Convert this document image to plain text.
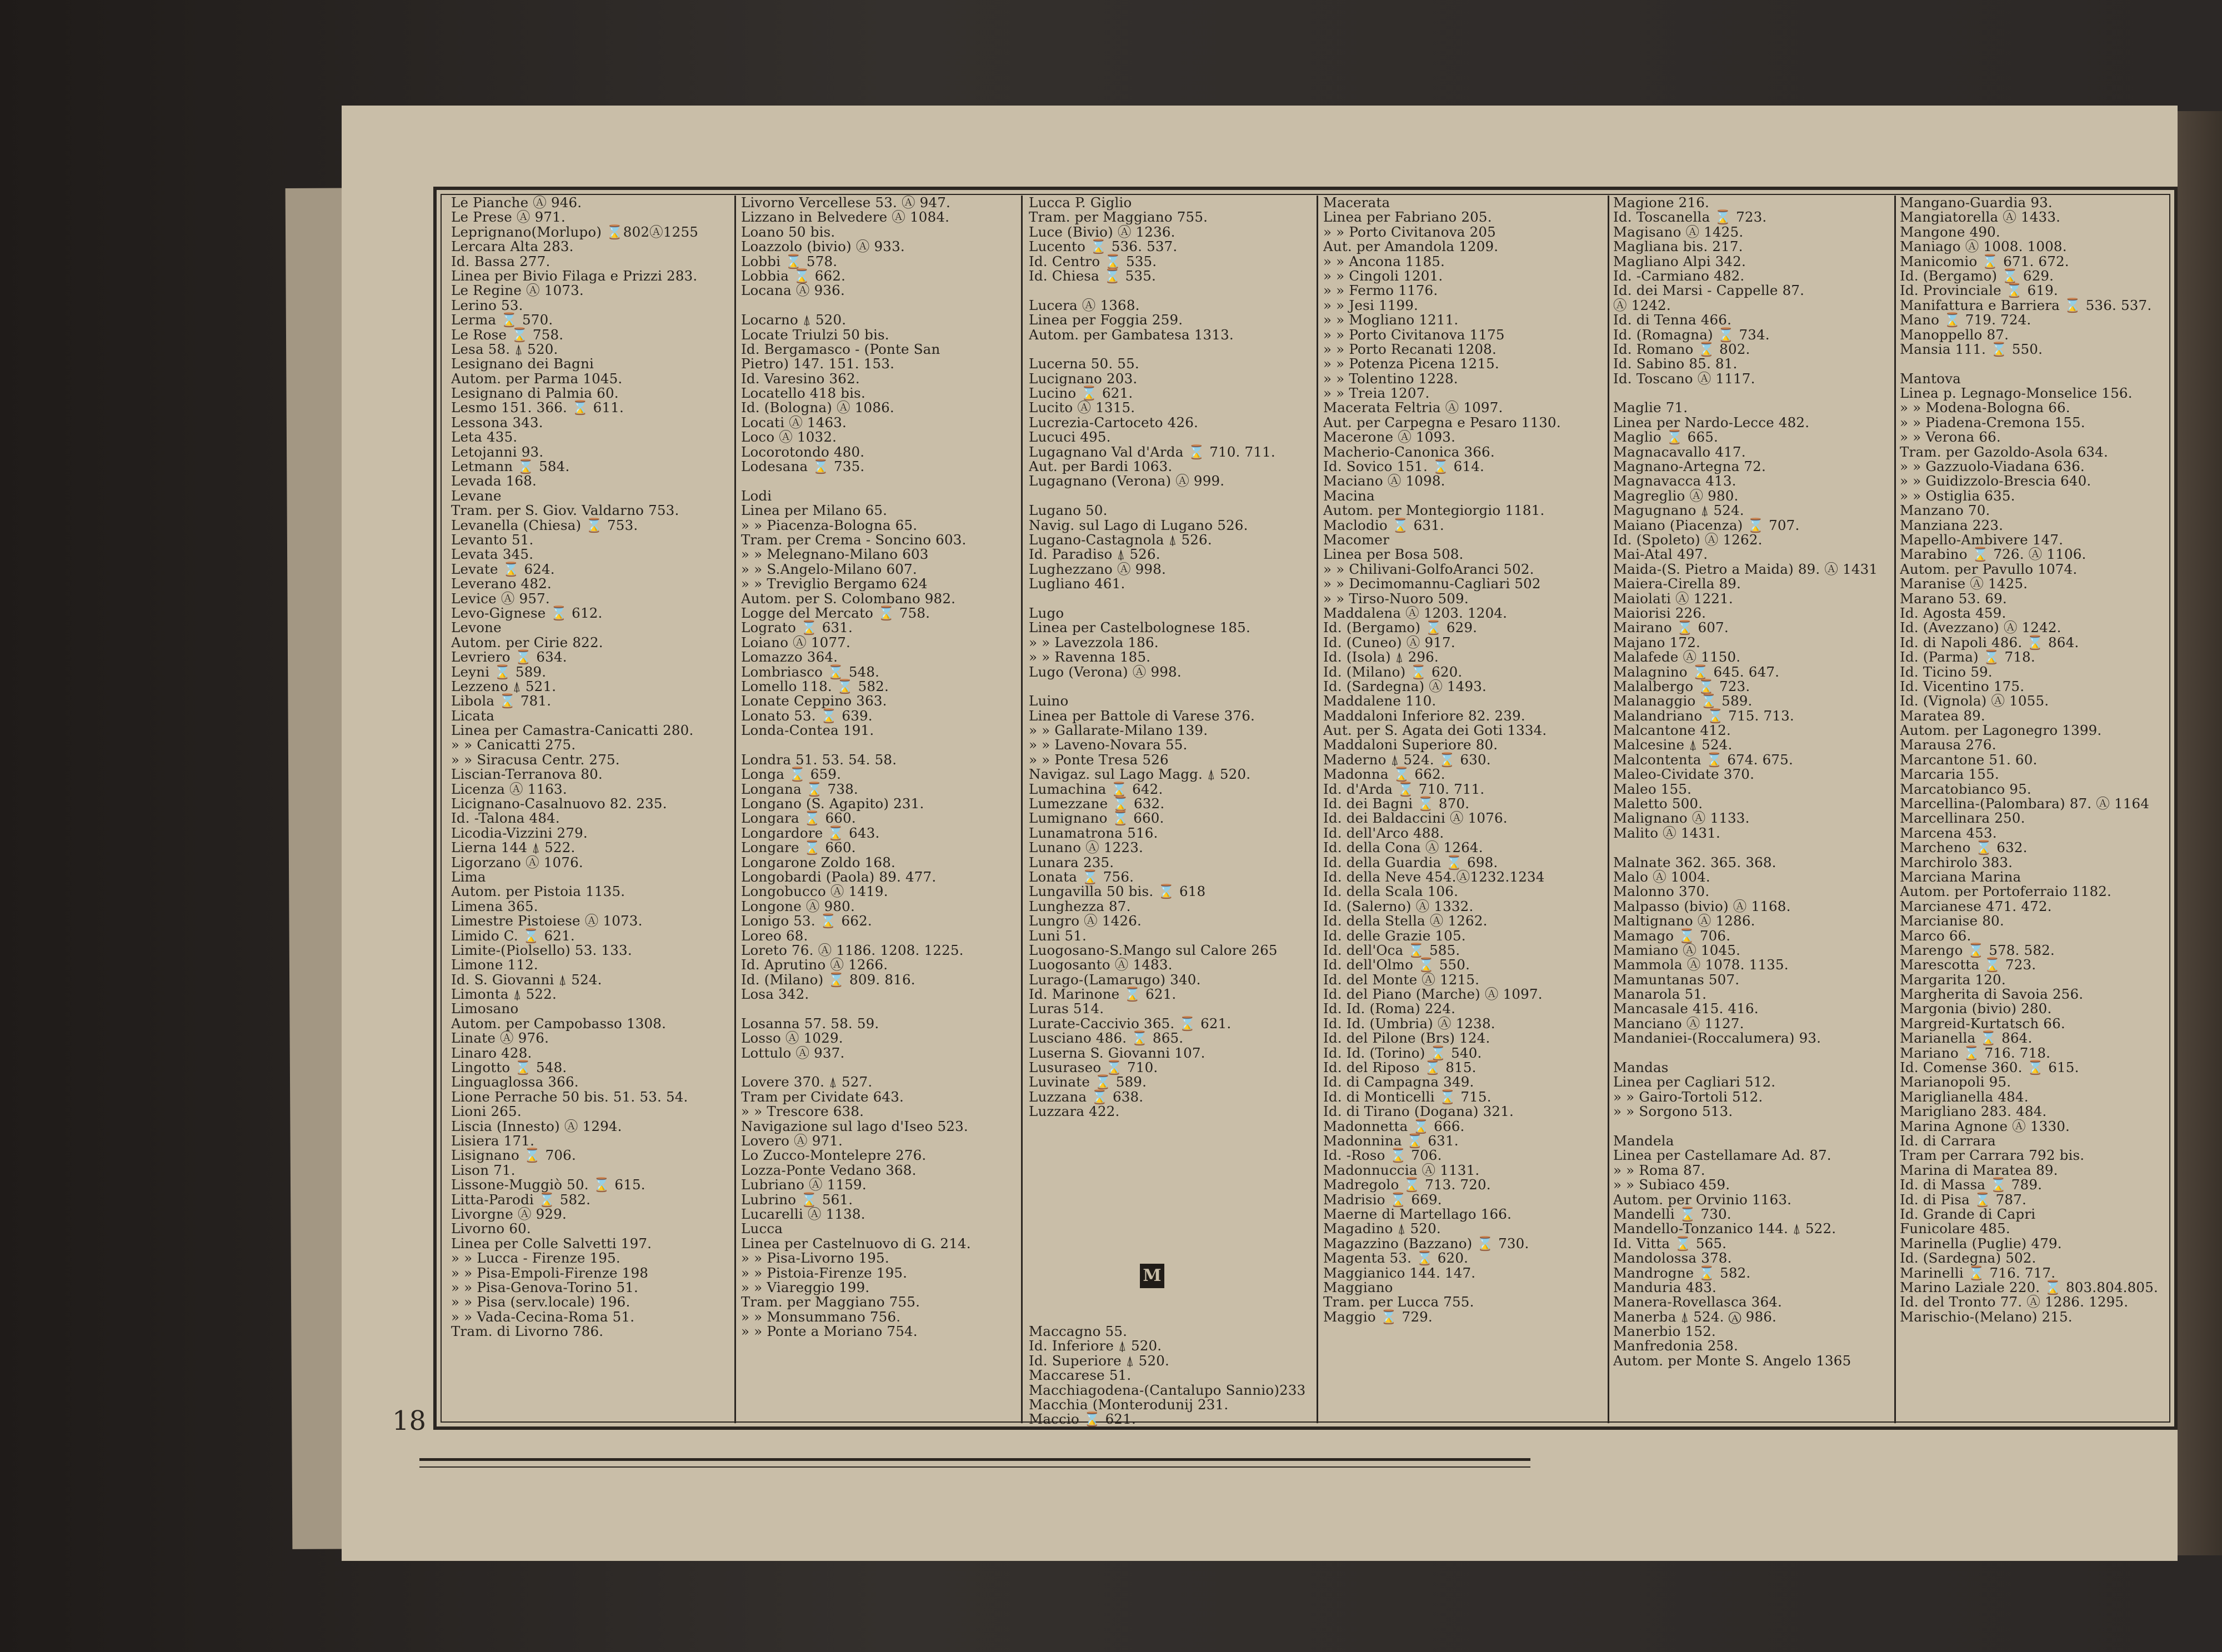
Le Pianche Ⓐ 946.
Le Prese Ⓐ 971.
Leprignano(Morlupo) ⌛802Ⓐ1255
Lercara Alta 283.
Id. Bassa 277.
Linea per Bivio Filaga e Prizzi 283.
Le Regine Ⓐ 1073.
Lerino 53.
Lerma ⌛ 570.
Le Rose ⌛ 758.
Lesa 58. ⍋ 520.
Lesignano dei Bagni
Autom. per Parma 1045.
Lesignano di Palmia 60.
Lesmo 151. 366. ⌛ 611.
Lessona 343.
Leta 435.
Letojanni 93.
Letmann ⌛ 584.
Levada 168.
Levane
Tram. per S. Giov. Valdarno 753.
Levanella (Chiesa) ⌛ 753.
Levanto 51.
Levata 345.
Levate ⌛ 624.
Leverano 482.
Levice Ⓐ 957.
Levo-Gignese ⌛ 612.
Levone
Autom. per Cirie 822.
Levriero ⌛ 634.
Leyni ⌛ 589.
Lezzeno ⍋ 521.
Libola ⌛ 781.
Licata
Linea per Camastra-Canicatti 280.
» » Canicatti 275.
» » Siracusa Centr. 275.
Liscian-Terranova 80.
Licenza Ⓐ 1163.
Licignano-Casalnuovo 82. 235.
Id. -Talona 484.
Licodia-Vizzini 279.
Lierna 144 ⍋ 522.
Ligorzano Ⓐ 1076.
Lima
Autom. per Pistoia 1135.
Limena 365.
Limestre Pistoiese Ⓐ 1073.
Limido C. ⌛ 621.
Limite-(Piolsello) 53. 133.
Limone 112.
Id. S. Giovanni ⍋ 524.
Limonta ⍋ 522.
Limosano
Autom. per Campobasso 1308.
Linate Ⓐ 976.
Linaro 428.
Lingotto ⌛ 548.
Linguaglossa 366.
Lione Perrache 50 bis. 51. 53. 54.
Lioni 265.
Liscia (Innesto) Ⓐ 1294.
Lisiera 171.
Lisignano ⌛ 706.
Lison 71.
Lissone-Muggiò 50. ⌛ 615.
Litta-Parodi ⌛ 582.
Livorgne Ⓐ 929.
Livorno 60.
Linea per Colle Salvetti 197.
» » Lucca - Firenze 195.
» » Pisa-Empoli-Firenze 198
» » Pisa-Genova-Torino 51.
» » Pisa (serv.locale) 196.
» » Vada-Cecina-Roma 51.
Tram. di Livorno 786.
Livorno Vercellese 53. Ⓐ 947.
Lizzano in Belvedere Ⓐ 1084.
Loano 50 bis.
Loazzolo (bivio) Ⓐ 933.
Lobbi ⌛ 578.
Lobbia ⌛ 662.
Locana Ⓐ 936.
Locarno ⍋ 520.
Locate Triulzi 50 bis.
Id. Bergamasco - (Ponte San
Pietro) 147. 151. 153.
Id. Varesino 362.
Locatello 418 bis.
Id. (Bologna) Ⓐ 1086.
Locati Ⓐ 1463.
Loco Ⓐ 1032.
Locorotondo 480.
Lodesana ⌛ 735.
Lodi
Linea per Milano 65.
» » Piacenza-Bologna 65.
Tram. per Crema - Soncino 603.
» » Melegnano-Milano 603
» » S.Angelo-Milano 607.
» » Treviglio Bergamo 624
Autom. per S. Colombano 982.
Logge del Mercato ⌛ 758.
Lograto ⌛ 631.
Loiano Ⓐ 1077.
Lomazzo 364.
Lombriasco ⌛ 548.
Lomello 118. ⌛ 582.
Lonate Ceppino 363.
Lonato 53. ⌛ 639.
Londa-Contea 191.
Londra 51. 53. 54. 58.
Longa ⌛ 659.
Longana ⌛ 738.
Longano (S. Agapito) 231.
Longara ⌛ 660.
Longardore ⌛ 643.
Longare ⌛ 660.
Longarone Zoldo 168.
Longobardi (Paola) 89. 477.
Longobucco Ⓐ 1419.
Longone Ⓐ 980.
Lonigo 53. ⌛ 662.
Loreo 68.
Loreto 76. Ⓐ 1186. 1208. 1225.
Id. Aprutino Ⓐ 1266.
Id. (Milano) ⌛ 809. 816.
Losa 342.
Losanna 57. 58. 59.
Losso Ⓐ 1029.
Lottulo Ⓐ 937.
Lovere 370. ⍋ 527.
Tram per Cividate 643.
» » Trescore 638.
Navigazione sul lago d'Iseo 523.
Lovero Ⓐ 971.
Lo Zucco-Montelepre 276.
Lozza-Ponte Vedano 368.
Lubriano Ⓐ 1159.
Lubrino ⌛ 561.
Lucarelli Ⓐ 1138.
Lucca
Linea per Castelnuovo di G. 214.
» » Pisa-Livorno 195.
» » Pistoia-Firenze 195.
» » Viareggio 199.
Tram. per Maggiano 755.
» » Monsummano 756.
» » Ponte a Moriano 754.
Lucca P. Giglio
Tram. per Maggiano 755.
Luce (Bivio) Ⓐ 1236.
Lucento ⌛ 536. 537.
Id. Centro ⌛ 535.
Id. Chiesa ⌛ 535.
Lucera Ⓐ 1368.
Linea per Foggia 259.
Autom. per Gambatesa 1313.
Lucerna 50. 55.
Lucignano 203.
Lucino ⌛ 621.
Lucito Ⓐ 1315.
Lucrezia-Cartoceto 426.
Lucuci 495.
Lugagnano Val d'Arda ⌛ 710. 711.
Aut. per Bardi 1063.
Lugagnano (Verona) Ⓐ 999.
Lugano 50.
Navig. sul Lago di Lugano 526.
Lugano-Castagnola ⍋ 526.
Id. Paradiso ⍋ 526.
Lughezzano Ⓐ 998.
Lugliano 461.
Lugo
Linea per Castelbolognese 185.
» » Lavezzola 186.
» » Ravenna 185.
Lugo (Verona) Ⓐ 998.
Luino
Linea per Battole di Varese 376.
» » Gallarate-Milano 139.
» » Laveno-Novara 55.
» » Ponte Tresa 526
Navigaz. sul Lago Magg. ⍋ 520.
Lumachina ⌛ 642.
Lumezzane ⌛ 632.
Lumignano ⌛ 660.
Lunamatrona 516.
Lunano Ⓐ 1223.
Lunara 235.
Lonata ⌛ 756.
Lungavilla 50 bis. ⌛ 618
Lunghezza 87.
Lungro Ⓐ 1426.
Luni 51.
Luogosano-S.Mango sul Calore 265
Luogosanto Ⓐ 1483.
Lurago-(Lamarugo) 340.
Id. Marinone ⌛ 621.
Luras 514.
Lurate-Caccivio 365. ⌛ 621.
Lusciano 486. ⌛ 865.
Luserna S. Giovanni 107.
Lusuraseo ⌛ 710.
Luvinate ⌛ 589.
Luzzana ⌛ 638.
Luzzara 422.
Maccagno 55.
Id. Inferiore ⍋ 520.
Id. Superiore ⍋ 520.
Maccarese 51.
Macchiagodena-(Cantalupo Sannio)233
Macchia (Monterodunij 231.
Maccio ⌛ 621.
Macerata
Linea per Fabriano 205.
» » Porto Civitanova 205
Aut. per Amandola 1209.
» » Ancona 1185.
» » Cingoli 1201.
» » Fermo 1176.
» » Jesi 1199.
» » Mogliano 1211.
» » Porto Civitanova 1175
» » Porto Recanati 1208.
» » Potenza Picena 1215.
» » Tolentino 1228.
» » Treia 1207.
Macerata Feltria Ⓐ 1097.
Aut. per Carpegna e Pesaro 1130.
Macerone Ⓐ 1093.
Macherio-Canonica 366.
Id. Sovico 151. ⌛ 614.
Maciano Ⓐ 1098.
Macina
Autom. per Montegiorgio 1181.
Maclodio ⌛ 631.
Macomer
Linea per Bosa 508.
» » Chilivani-GolfoAranci 502.
» » Decimomannu-Cagliari 502
» » Tirso-Nuoro 509.
Maddalena Ⓐ 1203. 1204.
Id. (Bergamo) ⌛ 629.
Id. (Cuneo) Ⓐ 917.
Id. (Isola) ⍋ 296.
Id. (Milano) ⌛ 620.
Id. (Sardegna) Ⓐ 1493.
Maddalene 110.
Maddaloni Inferiore 82. 239.
Aut. per S. Agata dei Goti 1334.
Maddaloni Superiore 80.
Maderno ⍋ 524. ⌛ 630.
Madonna ⌛ 662.
Id. d'Arda ⌛ 710. 711.
Id. dei Bagni ⌛ 870.
Id. dei Baldaccini Ⓐ 1076.
Id. dell'Arco 488.
Id. della Cona Ⓐ 1264.
Id. della Guardia ⌛ 698.
Id. della Neve 454.Ⓐ1232.1234
Id. della Scala 106.
Id. (Salerno) Ⓐ 1332.
Id. della Stella Ⓐ 1262.
Id. delle Grazie 105.
Id. dell'Oca ⌛ 585.
Id. dell'Olmo ⌛ 550.
Id. del Monte Ⓐ 1215.
Id. del Piano (Marche) Ⓐ 1097.
Id. Id. (Roma) 224.
Id. Id. (Umbria) Ⓐ 1238.
Id. del Pilone (Brs) 124.
Id. Id. (Torino) ⌛ 540.
Id. del Riposo ⌛ 815.
Id. di Campagna 349.
Id. di Monticelli ⌛ 715.
Id. di Tirano (Dogana) 321.
Madonnetta ⌛ 666.
Madonnina ⌛ 631.
Id. -Roso ⌛ 706.
Madonnuccia Ⓐ 1131.
Madregolo ⌛ 713. 720.
Madrisio ⌛ 669.
Maerne di Martellago 166.
Magadino ⍋ 520.
Magazzino (Bazzano) ⌛ 730.
Magenta 53. ⌛ 620.
Maggianico 144. 147.
Maggiano
Tram. per Lucca 755.
Maggio ⌛ 729.
Magione 216.
Id. Toscanella ⌛ 723.
Magisano Ⓐ 1425.
Magliana bis. 217.
Magliano Alpi 342.
Id. -Carmiano 482.
Id. dei Marsi - Cappelle 87.
Ⓐ 1242.
Id. di Tenna 466.
Id. (Romagna) ⌛ 734.
Id. Romano ⌛ 802.
Id. Sabino 85. 81.
Id. Toscano Ⓐ 1117.
Maglie 71.
Linea per Nardo-Lecce 482.
Maglio ⌛ 665.
Magnacavallo 417.
Magnano-Artegna 72.
Magnavacca 413.
Magreglio Ⓐ 980.
Magugnano ⍋ 524.
Maiano (Piacenza) ⌛ 707.
Id. (Spoleto) Ⓐ 1262.
Mai-Atal 497.
Maida-(S. Pietro a Maida) 89. Ⓐ 1431
Maiera-Cirella 89.
Maiolati Ⓐ 1221.
Maiorisi 226.
Mairano ⌛ 607.
Majano 172.
Malafede Ⓐ 1150.
Malagnino ⌛ 645. 647.
Malalbergo ⌛ 723.
Malanaggio ⌛ 589.
Malandriano ⌛ 715. 713.
Malcantone 412.
Malcesine ⍋ 524.
Malcontenta ⌛ 674. 675.
Maleo-Cividate 370.
Maleo 155.
Maletto 500.
Malignano Ⓐ 1133.
Malito Ⓐ 1431.
Malnate 362. 365. 368.
Malo Ⓐ 1004.
Malonno 370.
Malpasso (bivio) Ⓐ 1168.
Maltignano Ⓐ 1286.
Mamago ⌛ 706.
Mamiano Ⓐ 1045.
Mammola Ⓐ 1078. 1135.
Mamuntanas 507.
Manarola 51.
Mancasale 415. 416.
Manciano Ⓐ 1127.
Mandaniei-(Roccalumera) 93.
Mandas
Linea per Cagliari 512.
» » Gairo-Tortoli 512.
» » Sorgono 513.
Mandela
Linea per Castellamare Ad. 87.
» » Roma 87.
» » Subiaco 459.
Autom. per Orvinio 1163.
Mandelli ⌛ 730.
Mandello-Tonzanico 144. ⍋ 522.
Id. Vitta ⌛ 565.
Mandolossa 378.
Mandrogne ⌛ 582.
Manduria 483.
Manera-Rovellasca 364.
Manerba ⍋ 524. Ⓐ 986.
Manerbio 152.
Manfredonia 258.
Autom. per Monte S. Angelo 1365
Mangano-Guardia 93.
Mangiatorella Ⓐ 1433.
Mangone 490.
Maniago Ⓐ 1008. 1008.
Manicomio ⌛ 671. 672.
Id. (Bergamo) ⌛ 629.
Id. Provinciale ⌛ 619.
Manifattura e Barriera ⌛ 536. 537.
Mano ⌛ 719. 724.
Manoppello 87.
Mansia 111. ⌛ 550.
Mantova
Linea p. Legnago-Monselice 156.
» » Modena-Bologna 66.
» » Piadena-Cremona 155.
» » Verona 66.
Tram. per Gazoldo-Asola 634.
» » Gazzuolo-Viadana 636.
» » Guidizzolo-Brescia 640.
» » Ostiglia 635.
Manzano 70.
Manziana 223.
Mapello-Ambivere 147.
Marabino ⌛ 726. Ⓐ 1106.
Autom. per Pavullo 1074.
Maranise Ⓐ 1425.
Marano 53. 69.
Id. Agosta 459.
Id. (Avezzano) Ⓐ 1242.
Id. di Napoli 486. ⌛ 864.
Id. (Parma) ⌛ 718.
Id. Ticino 59.
Id. Vicentino 175.
Id. (Vignola) Ⓐ 1055.
Maratea 89.
Autom. per Lagonegro 1399.
Marausa 276.
Marcantone 51. 60.
Marcaria 155.
Marcatobianco 95.
Marcellina-(Palombara) 87. Ⓐ 1164
Marcellinara 250.
Marcena 453.
Marcheno ⌛ 632.
Marchirolo 383.
Marciana Marina
Autom. per Portoferraio 1182.
Marcianese 471. 472.
Marcianise 80.
Marco 66.
Marengo ⌛ 578. 582.
Marescotta ⌛ 723.
Margarita 120.
Margherita di Savoia 256.
Margonia (bivio) 280.
Margreid-Kurtatsch 66.
Marianella ⌛ 864.
Mariano ⌛ 716. 718.
Id. Comense 360. ⌛ 615.
Marianopoli 95.
Mariglianella 484.
Marigliano 283. 484.
Marina Agnone Ⓐ 1330.
Id. di Carrara
Tram per Carrara 792 bis.
Marina di Maratea 89.
Id. di Massa ⌛ 789.
Id. di Pisa ⌛ 787.
Id. Grande di Capri
Funicolare 485.
Marinella (Puglie) 479.
Id. (Sardegna) 502.
Marinelli ⌛ 716. 717.
Marino Laziale 220. ⌛ 803.804.805.
Id. del Tronto 77. Ⓐ 1286. 1295.
Marischio-(Melano) 215.
M
18
